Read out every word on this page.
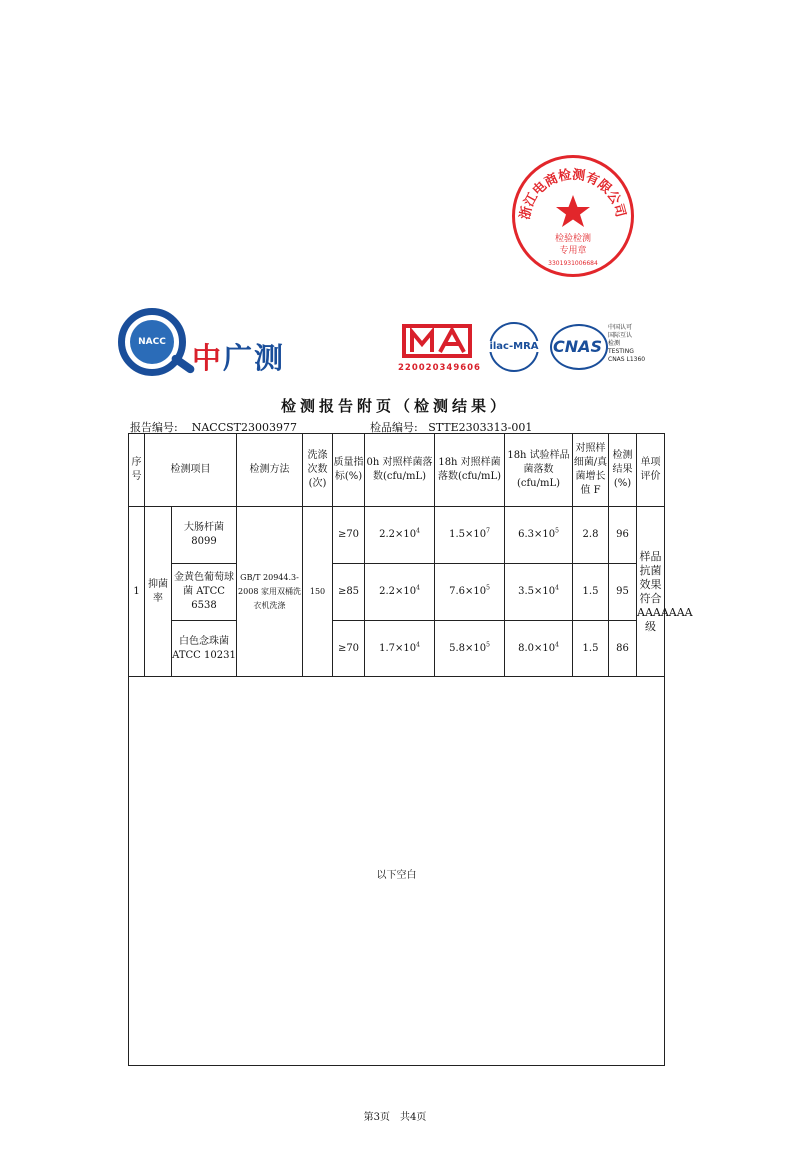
浙江电商检测有限公司
检验检测
专用章
3301931006684
NACC 中广测	220020349606
ilac-MRA CNAS
中国认可
国际互认
检测
TESTING
CNAS L1360
检测报告附页（检测结果）
报告编号: NACCST23003977	检品编号: STTE2303313-001
序号	检测项目		检测方法	洗涤次数(次)	质量指标(%)	0h 对照样菌落数(cfu/mL)	18h 对照样菌落数(cfu/mL)	18h 试验样品菌落数(cfu/mL)	对照样细菌/真菌增长值 F	检测结果(%)	单项评价
1	抑菌率	大肠杆菌 8099	GB/T 20944.3-2008 家用双桶洗衣机洗涤	150	≥70	$2.2\times 10^4$	$1.5\times 10^7$	$6.3\times 10^5$	2.8	96	样品抗菌效果符合AAAAAAA级
		金黄色葡萄球菌 ATCC 6538			≥85	$2.2\times 10^4$	$7.6\times 10^5$	$3.5\times 10^4$	1.5	95	
		白色念珠菌 ATCC 10231			≥70	$1.7\times 10^4$	$5.8\times 10^5$	$8.0\times 10^4$	1.5	86	

以下空白											
第3页　共4页
